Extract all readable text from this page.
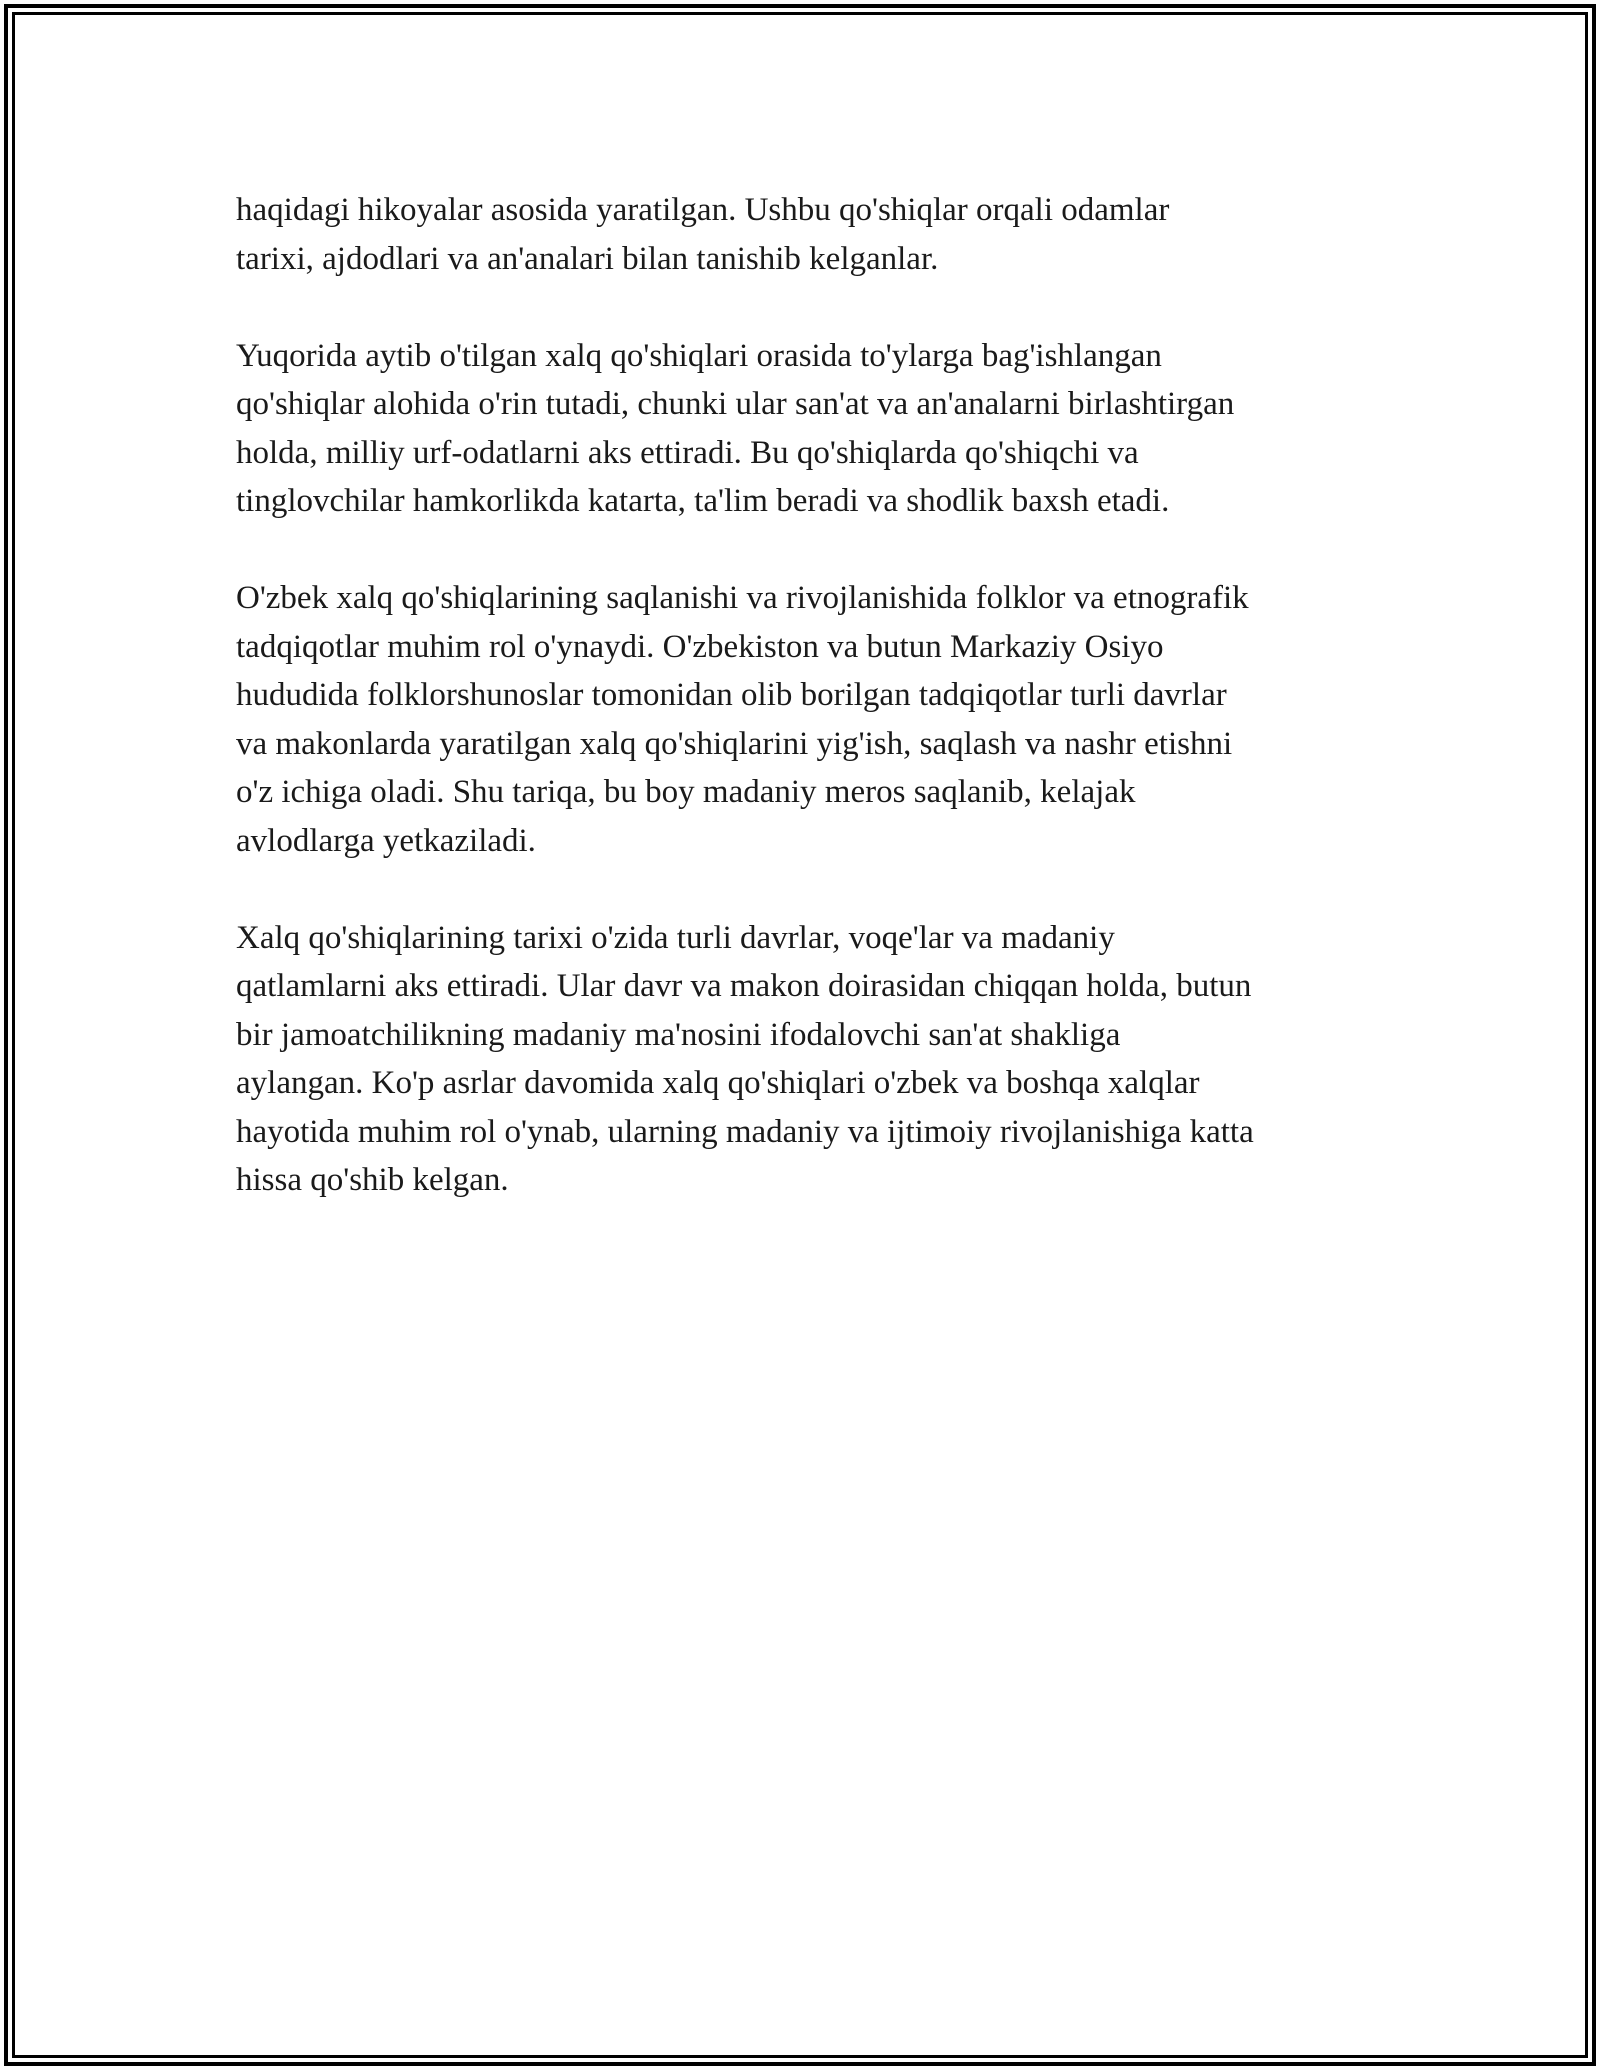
haqidagi hikoyalar asosida yaratilgan. Ushbu qo'shiqlar orqali odamlar
tarixi, ajdodlari va an'analari bilan tanishib kelganlar.

Yuqorida aytib o'tilgan xalq qo'shiqlari orasida to'ylarga bag'ishlangan
qo'shiqlar alohida o'rin tutadi, chunki ular san'at va an'analarni birlashtirgan
holda, milliy urf-odatlarni aks ettiradi. Bu qo'shiqlarda qo'shiqchi va
tinglovchilar hamkorlikda katarta, ta'lim beradi va shodlik baxsh etadi.

O'zbek xalq qo'shiqlarining saqlanishi va rivojlanishida folklor va etnografik
tadqiqotlar muhim rol o'ynaydi. O'zbekiston va butun Markaziy Osiyo
hududida folklorshunoslar tomonidan olib borilgan tadqiqotlar turli davrlar
va makonlarda yaratilgan xalq qo'shiqlarini yig'ish, saqlash va nashr etishni
o'z ichiga oladi. Shu tariqa, bu boy madaniy meros saqlanib, kelajak
avlodlarga yetkaziladi.

Xalq qo'shiqlarining tarixi o'zida turli davrlar, voqe'lar va madaniy
qatlamlarni aks ettiradi. Ular davr va makon doirasidan chiqqan holda, butun
bir jamoatchilikning madaniy ma'nosini ifodalovchi san'at shakliga
aylangan. Ko'p asrlar davomida xalq qo'shiqlari o'zbek va boshqa xalqlar
hayotida muhim rol o'ynab, ularning madaniy va ijtimoiy rivojlanishiga katta
hissa qo'shib kelgan.
